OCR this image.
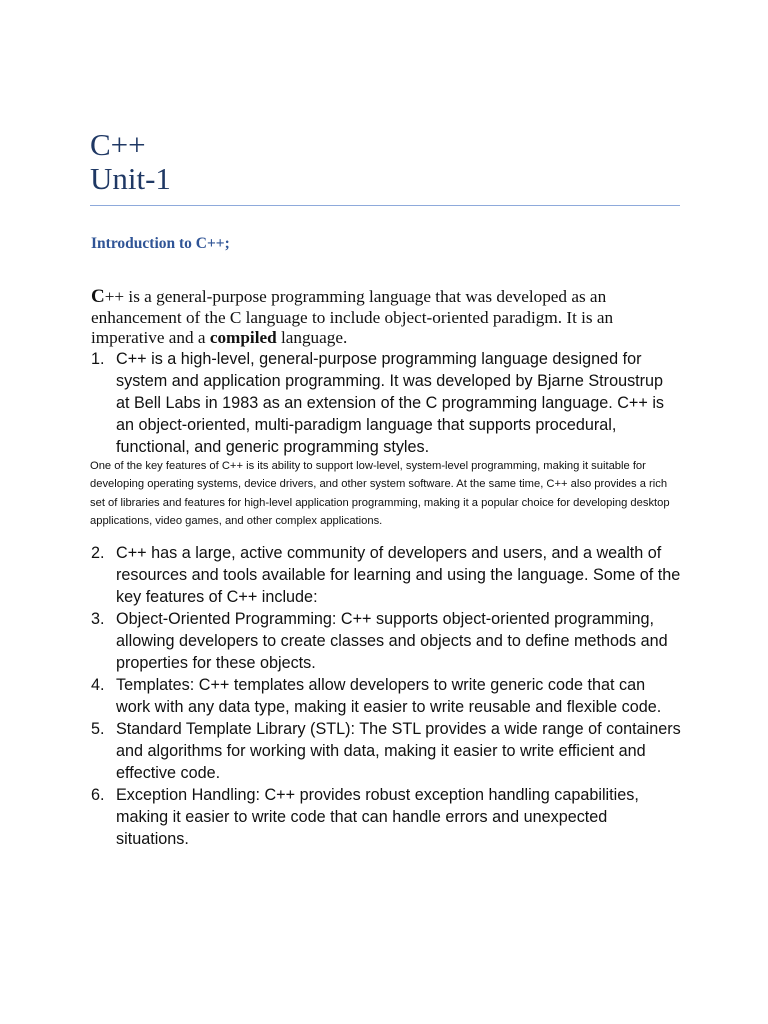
C++
Unit-1
Introduction to C++;

C++ is a general-purpose programming language that was developed as an enhancement of the C language to include object-oriented paradigm. It is an imperative and a compiled language.

1. C++ is a high-level, general-purpose programming language designed for system and application programming. It was developed by Bjarne Stroustrup at Bell Labs in 1983 as an extension of the C programming language. C++ is an object-oriented, multi-paradigm language that supports procedural, functional, and generic programming styles.

One of the key features of C++ is its ability to support low-level, system-level programming, making it suitable for developing operating systems, device drivers, and other system software. At the same time, C++ also provides a rich set of libraries and features for high-level application programming, making it a popular choice for developing desktop applications, video games, and other complex applications.

2. C++ has a large, active community of developers and users, and a wealth of resources and tools available for learning and using the language. Some of the key features of C++ include:
3. Object-Oriented Programming: C++ supports object-oriented programming, allowing developers to create classes and objects and to define methods and properties for these objects.
4. Templates: C++ templates allow developers to write generic code that can work with any data type, making it easier to write reusable and flexible code.
5. Standard Template Library (STL): The STL provides a wide range of containers and algorithms for working with data, making it easier to write efficient and effective code.
6. Exception Handling: C++ provides robust exception handling capabilities, making it easier to write code that can handle errors and unexpected situations.
